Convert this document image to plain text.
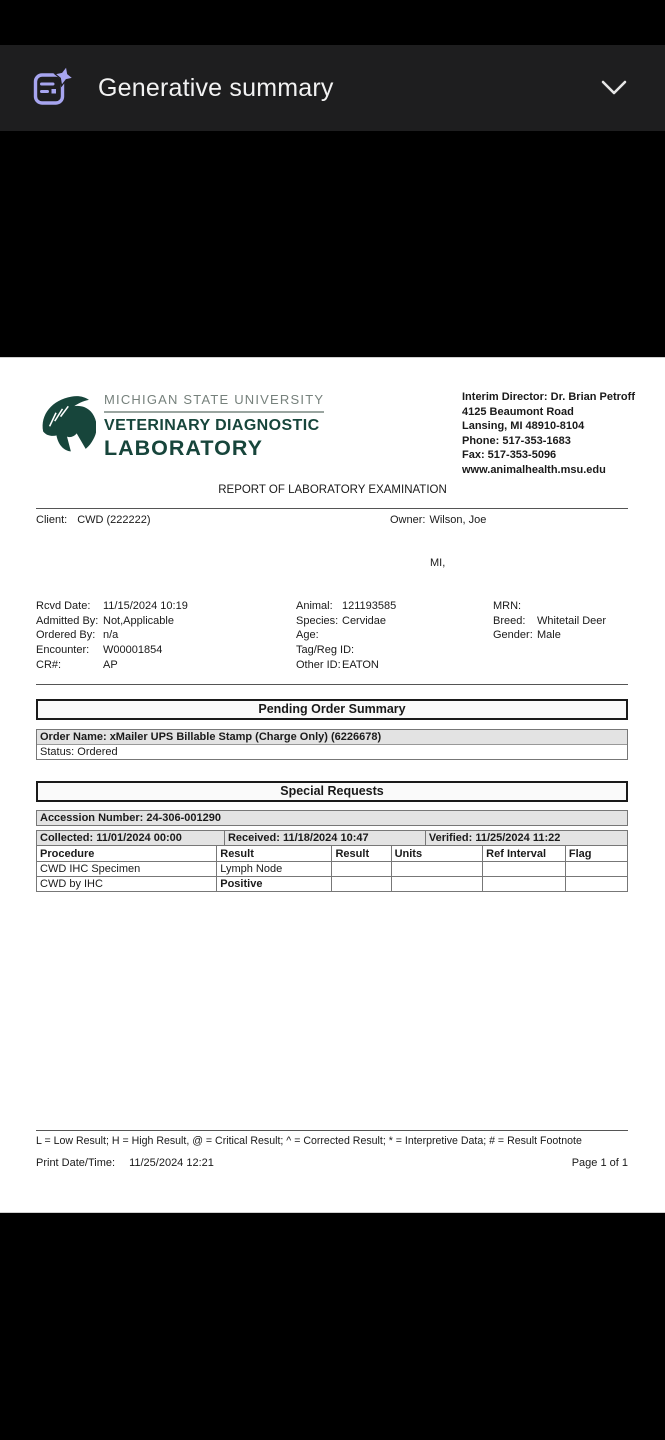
Generative summary
MICHIGAN STATE UNIVERSITY
VETERINARY DIAGNOSTIC
LABORATORY
Interim Director: Dr. Brian Petroff
4125 Beaumont Road
Lansing, MI 48910-8104
Phone: 517-353-1683
Fax: 517-353-5096
www.animalhealth.msu.edu
REPORT OF LABORATORY EXAMINATION
Client: CWD (222222)	Owner: Wilson, Joe
MI,
Rcvd Date:	11/15/2024 10:19
Admitted By: Not,Applicable
Ordered By: n/a
Encounter:	W00001854
CR#:	AP
Animal: 121193585
Species: Cervidae
Age:
Tag/Reg ID:
Other ID: EATON
MRN:
Breed:	Whitetail Deer
Gender: Male
Pending Order Summary
Order Name: xMailer UPS Billable Stamp (Charge Only) (6226678)
Status: Ordered
Special Requests
Accession Number: 24-306-001290
Collected: 11/01/2024 00:00	Received: 11/18/2024 10:47	Verified: 11/25/2024 11:22
Procedure	Result	Result	Units	Ref Interval	Flag
CWD IHC Specimen	Lymph Node				
CWD by IHC	Positive				
L = Low Result; H = High Result, @ = Critical Result; ^ = Corrected Result; * = Interpretive Data; # = Result Footnote
Print Date/Time: 11/25/2024 12:21	Page 1 of 1
